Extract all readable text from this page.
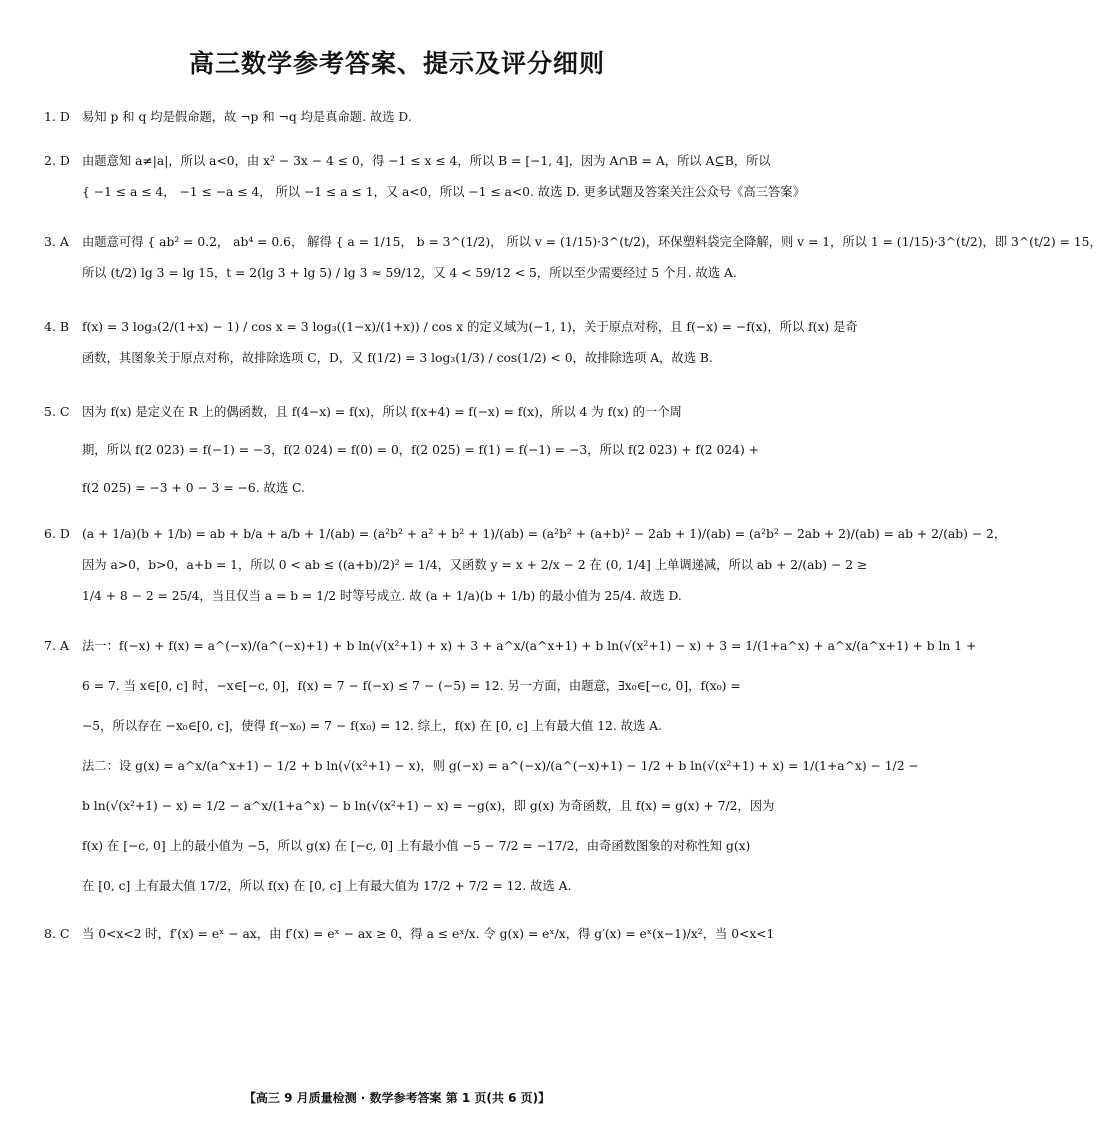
高三数学参考答案、提示及评分细则
1. D 易知 p 和 q 均是假命题，故 ¬p 和 ¬q 均是真命题. 故选 D.
2. D 由题意知 a≠|a|，所以 a<0，由 x² − 3x − 4 ≤ 0，得 −1 ≤ x ≤ 4，所以 B = [−1, 4]，因为 A∩B = A，所以 A⊆B，所以
{ −1 ≤ a ≤ 4， −1 ≤ −a ≤ 4， 所以 −1 ≤ a ≤ 1，又 a<0，所以 −1 ≤ a<0. 故选 D. 更多试题及答案关注公众号《高三答案》
3. A	由题意可得 { ab² = 0.2， ab⁴ = 0.6， 解得 { a = 1/15， b = 3^(1/2)， 所以 v = (1/15)·3^(t/2)，环保塑料袋完全降解，则 v = 1，所以 1 = (1/15)·3^(t/2)，即 3^(t/2) = 15，
所以 (t/2) lg 3 = lg 15，t = 2(lg 3 + lg 5) / lg 3 ≈ 59/12，又 4 < 59/12 < 5，所以至少需要经过 5 个月. 故选 A.
4. B	f(x) = 3 log₃(2/(1+x) − 1) / cos x = 3 log₃((1−x)/(1+x)) / cos x 的定义域为(−1, 1)，关于原点对称，且 f(−x) = −f(x)，所以 f(x) 是奇
函数，其图象关于原点对称，故排除选项 C，D，又 f(1/2) = 3 log₃(1/3) / cos(1/2) < 0，故排除选项 A，故选 B.
5. C	因为 f(x) 是定义在 R 上的偶函数，且 f(4−x) = f(x)，所以 f(x+4) = f(−x) = f(x)，所以 4 为 f(x) 的一个周
期，所以 f(2 023) = f(−1) = −3，f(2 024) = f(0) = 0，f(2 025) = f(1) = f(−1) = −3，所以 f(2 023) + f(2 024) +
f(2 025) = −3 + 0 − 3 = −6. 故选 C.
6. D (a + 1/a)(b + 1/b) = ab + b/a + a/b + 1/(ab) = (a²b² + a² + b² + 1)/(ab) = (a²b² + (a+b)² − 2ab + 1)/(ab) = (a²b² − 2ab + 2)/(ab) = ab + 2/(ab) − 2，
因为 a>0，b>0，a+b = 1，所以 0 < ab ≤ ((a+b)/2)² = 1/4，又函数 y = x + 2/x − 2 在 (0, 1/4] 上单调递减，所以 ab + 2/(ab) − 2 ≥
1/4 + 8 − 2 = 25/4，当且仅当 a = b = 1/2 时等号成立. 故 (a + 1/a)(b + 1/b) 的最小值为 25/4. 故选 D.
7. A	法一：f(−x) + f(x) = a^(−x)/(a^(−x)+1) + b ln(√(x²+1) + x) + 3 + a^x/(a^x+1) + b ln(√(x²+1) − x) + 3 = 1/(1+a^x) + a^x/(a^x+1) + b ln 1 +
6 = 7. 当 x∈[0, c] 时，−x∈[−c, 0]，f(x) = 7 − f(−x) ≤ 7 − (−5) = 12. 另一方面，由题意，∃x₀∈[−c, 0]，f(x₀) =
−5，所以存在 −x₀∈[0, c]，使得 f(−x₀) = 7 − f(x₀) = 12. 综上，f(x) 在 [0, c] 上有最大值 12. 故选 A.
法二：设 g(x) = a^x/(a^x+1) − 1/2 + b ln(√(x²+1) − x)，则 g(−x) = a^(−x)/(a^(−x)+1) − 1/2 + b ln(√(x²+1) + x) = 1/(1+a^x) − 1/2 −
b ln(√(x²+1) − x) = 1/2 − a^x/(1+a^x) − b ln(√(x²+1) − x) = −g(x)，即 g(x) 为奇函数，且 f(x) = g(x) + 7/2，因为
f(x) 在 [−c, 0] 上的最小值为 −5，所以 g(x) 在 [−c, 0] 上有最小值 −5 − 7/2 = −17/2，由奇函数图象的对称性知 g(x)
在 [0, c] 上有最大值 17/2，所以 f(x) 在 [0, c] 上有最大值为 17/2 + 7/2 = 12. 故选 A.
8. C	当 0<x<2 时，f′(x) = eˣ − ax，由 f′(x) = eˣ − ax ≥ 0，得 a ≤ eˣ/x. 令 g(x) = eˣ/x，得 g′(x) = eˣ(x−1)/x²，当 0<x<1
【高三 9 月质量检测 · 数学参考答案 第 1 页(共 6 页)】
